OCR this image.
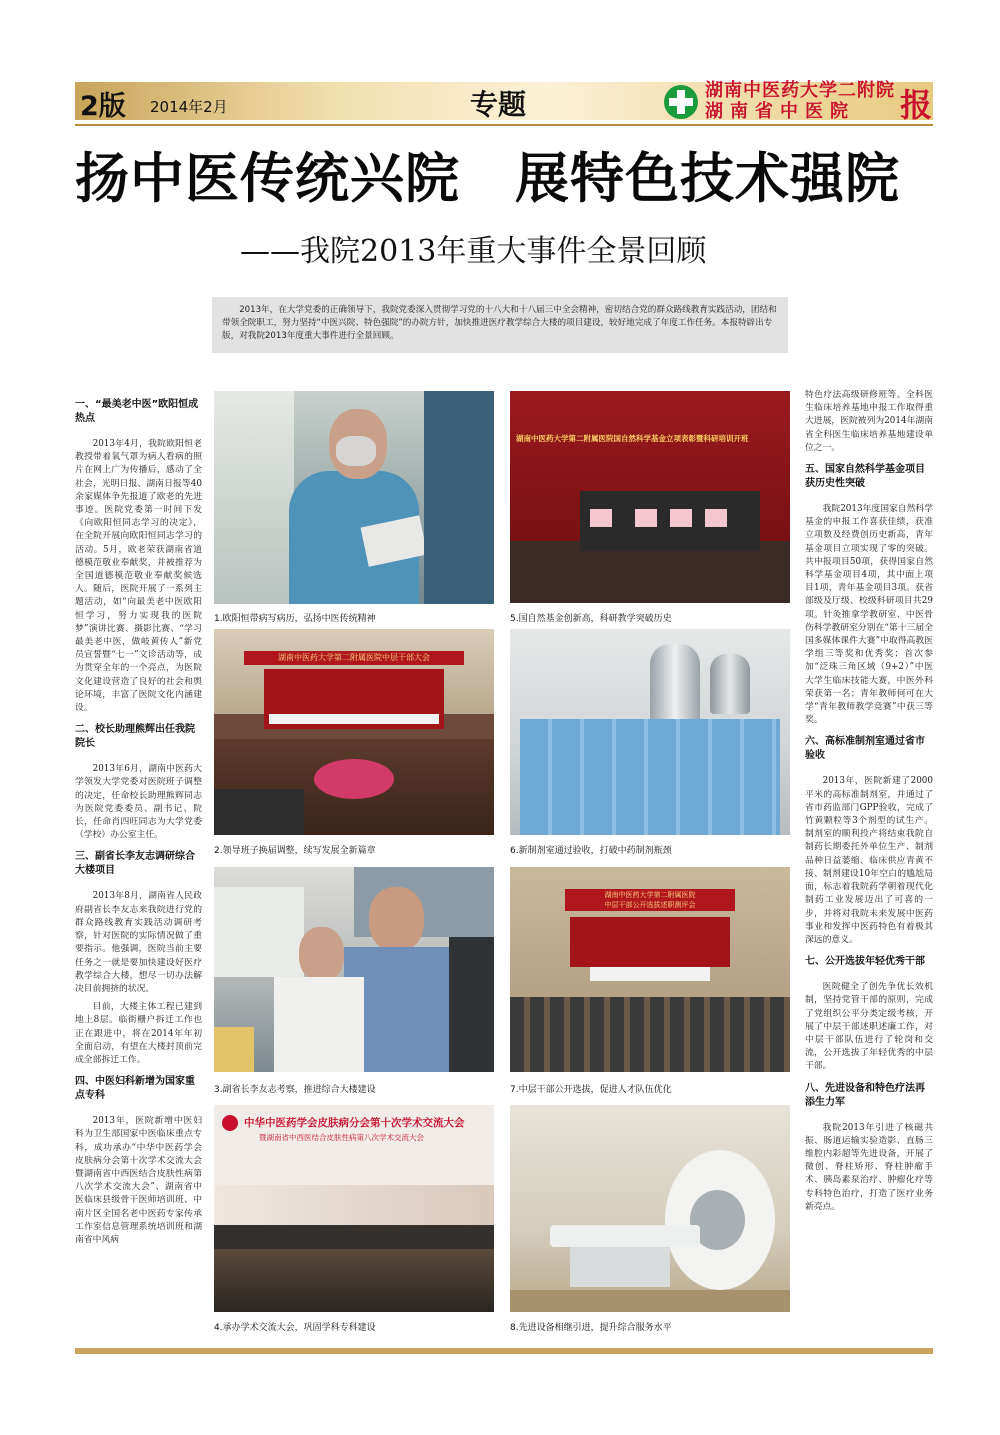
2版 2014年2月	专题	湖南中医药大学二附院
湖南省中医院	报
扬中医传统兴院　展特色技术强院
——我院2013年重大事件全景回顾
2013年，在大学党委的正确领导下，我院党委深入贯彻学习党的十八大和十八届三中全会精神，密切结合党的群众路线教育实践活动，团结和带领全院职工，努力坚持“中医兴院、特色强院”的办院方针，加快推进医疗教学综合大楼的项目建设，较好地完成了年度工作任务。本报特辟出专版，对我院2013年度重大事件进行全景回顾。
一、“最美老中医”欧阳恒成热点

2013年4月，我院欧阳恒老教授带着氧气罩为病人看病的照片在网上广为传播后，感动了全社会，光明日报、湖南日报等40余家媒体争先报道了欧老的先进事迹。医院党委第一时间下发《向欧阳恒同志学习的决定》，在全院开展向欧阳恒同志学习的活动。5月，欧老荣获湖南省道德模范敬业奉献奖，并被推荐为全国道德模范敬业奉献奖候选人。随后，医院开展了一系列主题活动，如“向最美老中医欧阳恒学习，努力实现我的医院梦”演讲比赛、摄影比赛、“学习最美老中医，做岐黄传人”新党员宣誓暨“七一”文诊活动等，成为贯穿全年的一个亮点，为医院文化建设营造了良好的社会和舆论环境，丰富了医院文化内涵建设。

二、校长助理熊辉出任我院院长

2013年6月，湖南中医药大学领发大学党委对医院班子调整的决定，任命校长助理熊辉同志为医院党委委员、副书记、院长，任命肖四旺同志为大学党委（学校）办公室主任。

三、副省长李友志调研综合大楼项目

2013年8月，湖南省人民政府副省长李友志来我院进行党的群众路线教育实践活动调研考察，针对医院的实际情况做了重要指示。他强调，医院当前主要任务之一就是要加快建设好医疗教学综合大楼，想尽一切办法解决目前拥挤的状况。

目前，大楼主体工程已建到地上8层。临街栅户拆迁工作也正在跟进中，将在2014年年初全面启动，有望在大楼封顶前完成全部拆迁工作。

四、中医妇科新增为国家重点专科

2013年，医院新增中医妇科为卫生部国家中医临床重点专科，成功承办“中华中医药学会皮肤病分会第十次学术交流大会暨湖南省中西医结合皮肤性病第八次学术交流大会”、湖南省中医临床县级骨干医师培训班、中南片区全国名老中医药专家传承工作室信息管理系统培训班和湖南省中风病

特色疗法高级研修班等。全科医生临床培养基地申报工作取得重大进展，医院被列为2014年湖南省全科医生临床培养基地建设单位之一。

五、国家自然科学基金项目获历史性突破

我院2013年度国家自然科学基金的申报工作喜获佳绩，获准立项数及经费创历史新高，青年基金项目立项实现了零的突破。共申报项目50项，获得国家自然科学基金项目4项，其中面上项目1项，青年基金项目3项。获省部级及厅级、校级科研项目共29项。针灸推拿学教研室、中医骨伤科学教研室分别在“第十三届全国多媒体课件大赛”中取得高教医学组三等奖和优秀奖；首次参加“泛珠三角区域（9+2）”中医大学生临床技能大赛，中医外科荣获第一名；青年教师何可在大学“青年教师教学竞赛”中获三等奖。

六、高标准制剂室通过省市验收

2013年，医院新建了2000平米的高标准制剂室，并通过了省市药监部门GPP验收，完成了竹黄颗粒等3个剂型的试生产。制剂室的顺利投产将结束我院自制药长期委托外单位生产、制剂品种日益萎缩、临床供应青黄不接、制剂建设10年空白的尴尬局面，标志着我院药学朝着现代化制药工业发展迈出了可喜的一步，并将对我院未来发展中医药事业和发挥中医药特色有着极其深远的意义。

七、公开选拔年轻优秀干部

医院健全了创先争优长效机制，坚持党管干部的原则，完成了党组织公平分类定级考核，开展了中层干部述职述廉工作，对中层干部队伍进行了轮岗和交流，公开选拔了年轻优秀的中层干部。

八、先进设备和特色疗法再添生力军

我院2013年引进了核磁共振、肠道运输实验造影、直肠三维腔内彩超等先进设备，开展了微创、脊柱矫形、脊柱肿瘤手术、胰岛素泵治疗、肿瘤化疗等专科特色治疗，打造了医疗业务新亮点。

1.欧阳恒带病写病历，弘扬中医传统精神
湖南中医药大学第二附属医院中层干部大会
2.领导班子换届调整，续写发展全新篇章
3.副省长李友志考察，推进综合大楼建设
中华中医药学会皮肤病分会第十次学术交流大会
暨湖南省中西医结合皮肤性病第八次学术交流大会
4.承办学术交流大会，巩固学科专科建设
湖南中医药大学第二附属医院国自然科学基金立项表彰暨科研培训开班
5.国自然基金创新高，科研教学突破历史
6.新制剂室通过验收，打破中药制剂瓶颈
湖南中医药大学第二附属医院
中层干部公开选拔述职测评会
7.中层干部公开选拔，促进人才队伍优化
8.先进设备相继引进，提升综合服务水平
